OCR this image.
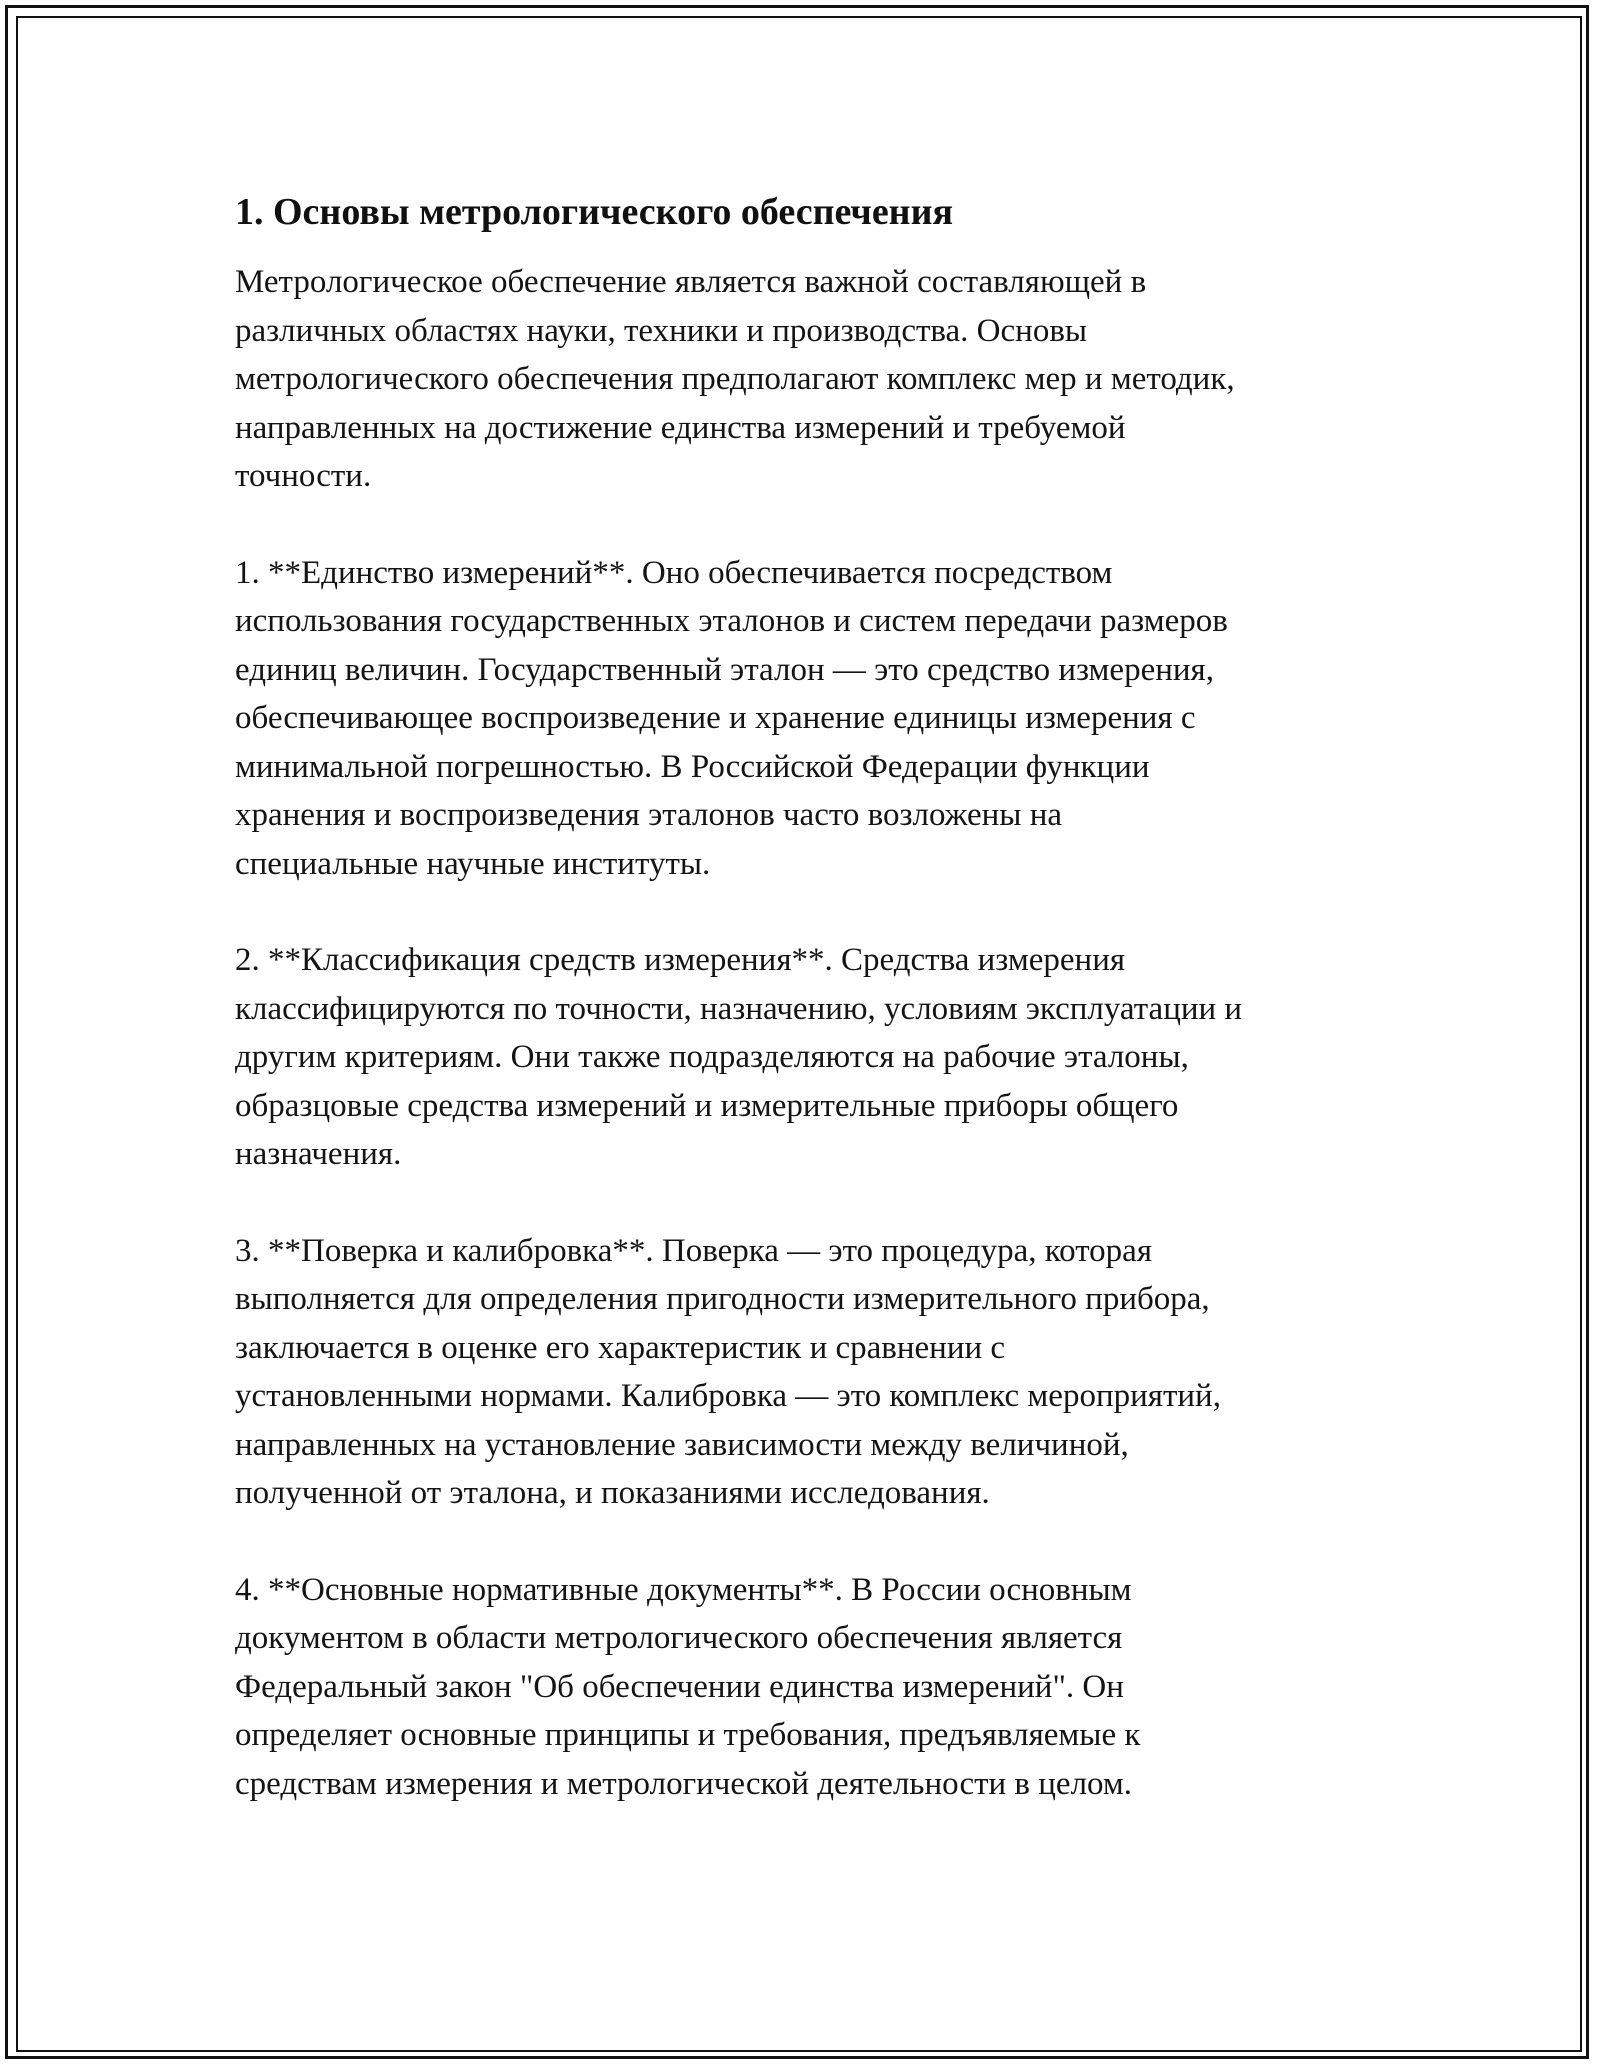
1. Основы метрологического обеспечения

Метрологическое обеспечение является важной составляющей в
различных областях науки, техники и производства. Основы
метрологического обеспечения предполагают комплекс мер и методик,
направленных на достижение единства измерений и требуемой
точности.

1. **Единство измерений**. Оно обеспечивается посредством
использования государственных эталонов и систем передачи размеров
единиц величин. Государственный эталон — это средство измерения,
обеспечивающее воспроизведение и хранение единицы измерения с
минимальной погрешностью. В Российской Федерации функции
хранения и воспроизведения эталонов часто возложены на
специальные научные институты.

2. **Классификация средств измерения**. Средства измерения
классифицируются по точности, назначению, условиям эксплуатации и
другим критериям. Они также подразделяются на рабочие эталоны,
образцовые средства измерений и измерительные приборы общего
назначения.

3. **Поверка и калибровка**. Поверка — это процедура, которая
выполняется для определения пригодности измерительного прибора,
заключается в оценке его характеристик и сравнении с
установленными нормами. Калибровка — это комплекс мероприятий,
направленных на установление зависимости между величиной,
полученной от эталона, и показаниями исследования.

4. **Основные нормативные документы**. В России основным
документом в области метрологического обеспечения является
Федеральный закон "Об обеспечении единства измерений". Он
определяет основные принципы и требования, предъявляемые к
средствам измерения и метрологической деятельности в целом.
